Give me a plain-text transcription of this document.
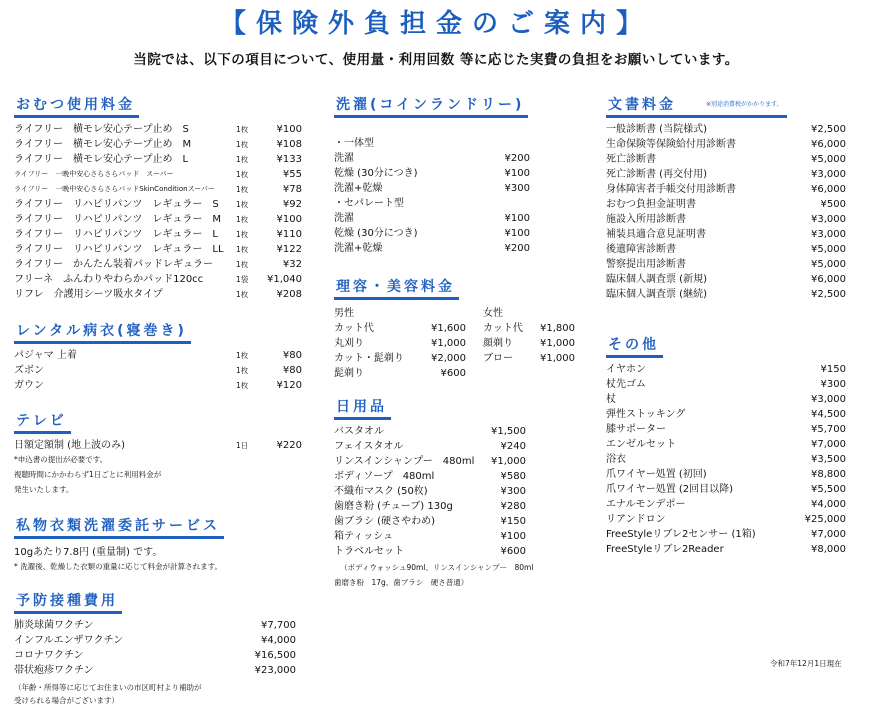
【保険外負担金のご案内】
当院では、以下の項目について、使用量・利用回数 等に応じた実費の負担をお願いしています。
おむつ使用料金
ライフリー　横モレ安心テープ止め　S	1枚	¥100
ライフリー　横モレ安心テープ止め　M	1枚	¥108
ライフリー　横モレ安心テープ止め　L	1枚	¥133
ライフリー　一晩中安心さらさらパッド　スーパー	1枚	¥55
ライフリー　一晩中安心さらさらパッドSkinConditionスーパー	1枚	¥78
ライフリー　リハビリパンツ　レギュラー　S 1枚	¥92
ライフリー　リハビリパンツ　レギュラー　M 1枚	¥100
ライフリー　リハビリパンツ　レギュラー　L 1枚	¥110
ライフリー　リハビリパンツ　レギュラー　LL 1枚	¥122
ライフリー　かんたん装着パッドレギュラー	1枚	¥32
フリーネ　ふんわりやわらかパッド120cc	1袋 ¥1,040
リフレ　介護用シーツ吸水タイプ	1枚	¥208
レンタル病衣(寝巻き)
パジャマ 上着	1枚	¥80
ズボン	1枚	¥80
ガウン	1枚	¥120
テレビ
日額定額制 (地上波のみ)	1日	¥220
*申込書の提出が必要です。
視聴時間にかかわらず1日ごとに利用料金が
発生いたします。
私物衣類洗濯委託サービス
10gあたり7.8円 (重量制) です。
* 洗濯後、乾燥した衣類の重量に応じて料金が計算されます。
予防接種費用
肺炎球菌ワクチン	¥7,700
インフルエンザワクチン	¥4,000
コロナワクチン	¥16,500
帯状疱疹ワクチン	¥23,000
（年齢・所得等に応じてお住まいの市区町村より補助が
受けられる場合がございます）
洗濯(コインランドリー)
・一体型
洗濯	¥200
乾燥 (30分につき)	¥100
洗濯+乾燥	¥300
・セパレート型
洗濯	¥100
乾燥 (30分につき)	¥100
洗濯+乾燥	¥200
理容・美容料金
男性
カット代	¥1,600
丸刈り	¥1,000
カット・髭剃り	¥2,000
髭剃り	¥600
女性
カット代 ¥1,800
顔剃り	¥1,000
ブロー	¥1,000
日用品
バスタオル	¥1,500
フェイスタオル	¥240
リンスインシャンプー　480ml ¥1,000
ボディソープ　480ml	¥580
不織布マスク (50枚)	¥300
歯磨き粉 (チューブ) 130g	¥280
歯ブラシ (硬さやわめ)	¥150
箱ティッシュ	¥100
トラベルセット	¥600
（ボディウォッシュ90ml、リンスインシャンプー　80ml
歯磨き粉　17g、歯ブラシ　硬さ普通）
文書料金	$^{※別途消費税がかかります。}$
一般診断書 (当院様式)	¥2,500
生命保険等保険給付用診断書	¥6,000
死亡診断書	¥5,000
死亡診断書 (再交付用)	¥3,000
身体障害者手帳交付用診断書	¥6,000
おむつ負担金証明書	¥500
施設入所用診断書	¥3,000
補装具適合意見証明書	¥3,000
後遺障害診断書	¥5,000
警察提出用診断書	¥5,000
臨床個人調査票 (新規)	¥6,000
臨床個人調査票 (継続)	¥2,500
その他
イヤホン	¥150
杖先ゴム	¥300
杖	¥3,000
弾性ストッキング	¥4,500
膝サポーター	¥5,700
エンゼルセット	¥7,000
浴衣	¥3,500
爪ワイヤー処置 (初回)	¥8,800
爪ワイヤー処置 (2回目以降)	¥5,500
エナルモンデポー	¥4,000
リアンドロン	¥25,000
FreeStyleリブレ2センサー (1箱)	¥7,000
FreeStyleリブレ2Reader	¥8,000
令和7年12月1日現在
